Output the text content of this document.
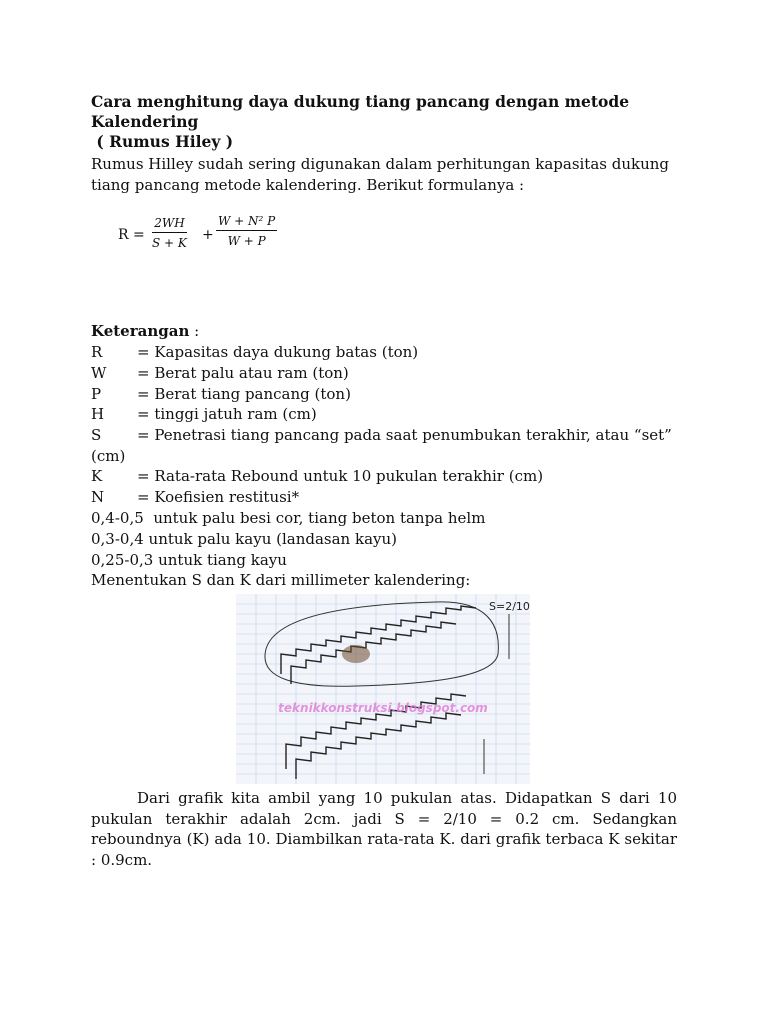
Cara menghitung daya dukung tiang pancang dengan metode
Kalendering
( Rumus Hiley )
Rumus Hilley sudah sering digunakan dalam perhitungan kapasitas dukung
tiang pancang metode kalendering. Berikut formulanya :
$R = \frac{2WH}{S + K} + \frac{\text{W + N² P}}{W + P}$
Keterangan :
R = Kapasitas daya dukung batas (ton)
W = Berat palu atau ram (ton)
P = Berat tiang pancang (ton)
H = tinggi jatuh ram (cm)
S = Penetrasi tiang pancang pada saat penumbukan terakhir, atau “set”
(cm)
K = Rata-rata Rebound untuk 10 pukulan terakhir (cm)
N = Koefisien restitusi*
0,4-0,5  untuk palu besi cor, tiang beton tanpa helm
0,3-0,4 untuk palu kayu (landasan kayu)
0,25-0,3 untuk tiang kayu
Menentukan S dan K dari millimeter kalendering:
teknikkonstruksi.blogspot.com
S=2/10
Dari grafik kita ambil yang 10 pukulan atas. Didapatkan S dari 10 pukulan terakhir adalah 2cm. jadi S = 2/10 = 0.2 cm. Sedangkan reboundnya (K) ada 10. Diambilkan rata-rata K. dari grafik terbaca K sekitar : 0.9cm.
